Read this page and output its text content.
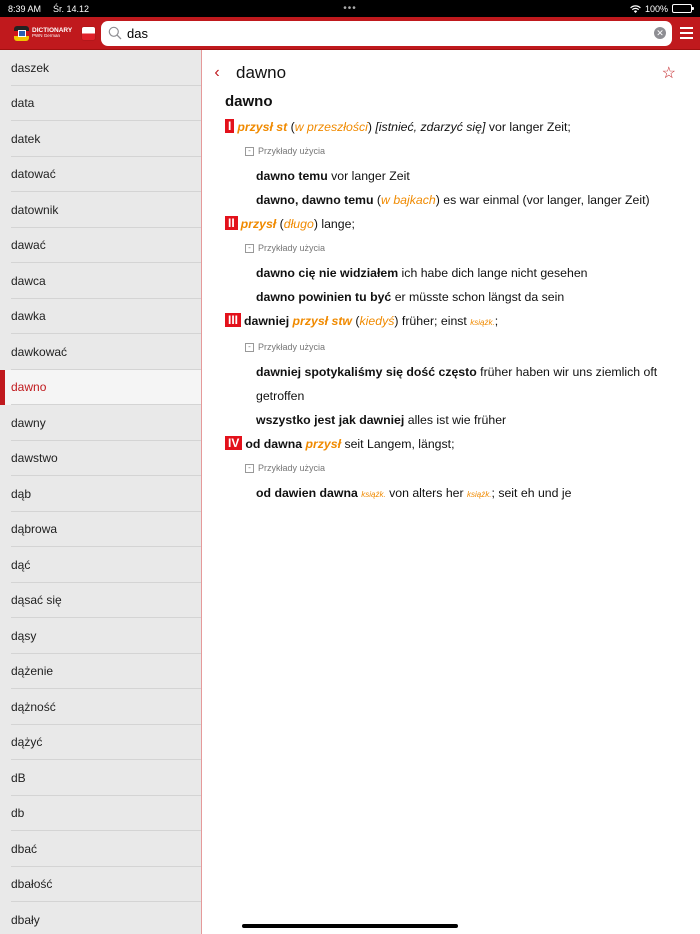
8:39 AM Śr. 14.12	•••	100%
DICTIONARY
PWN German
das	✕
daszek
data
datek
datować
datownik
dawać
dawca
dawka
dawkować
dawno
dawny
dawstwo
dąb
dąbrowa
dąć
dąsać się
dąsy
dążenie
dążność
dążyć
dB
db
dbać
dbałość
dbały
‹ dawno	☆
dawno
I przysł st (w przeszłości) [istnieć, zdarzyć się] vor langer Zeit;
- Przykłady użycia
dawno temu vor langer Zeit
dawno, dawno temu (w bajkach) es war einmal (vor langer, langer Zeit)
II przysł (długo) lange;
- Przykłady użycia
dawno cię nie widziałem ich habe dich lange nicht gesehen
dawno powinien tu być er müsste schon längst da sein
III dawniej przysł stw (kiedyś) früher; einst książk.;
- Przykłady użycia
dawniej spotykaliśmy się dość często früher haben wir uns ziemlich oft getroffen
wszystko jest jak dawniej alles ist wie früher
IV od dawna przysł seit Langem, längst;
- Przykłady użycia
od dawien dawna książk. von alters her książk.; seit eh und je
